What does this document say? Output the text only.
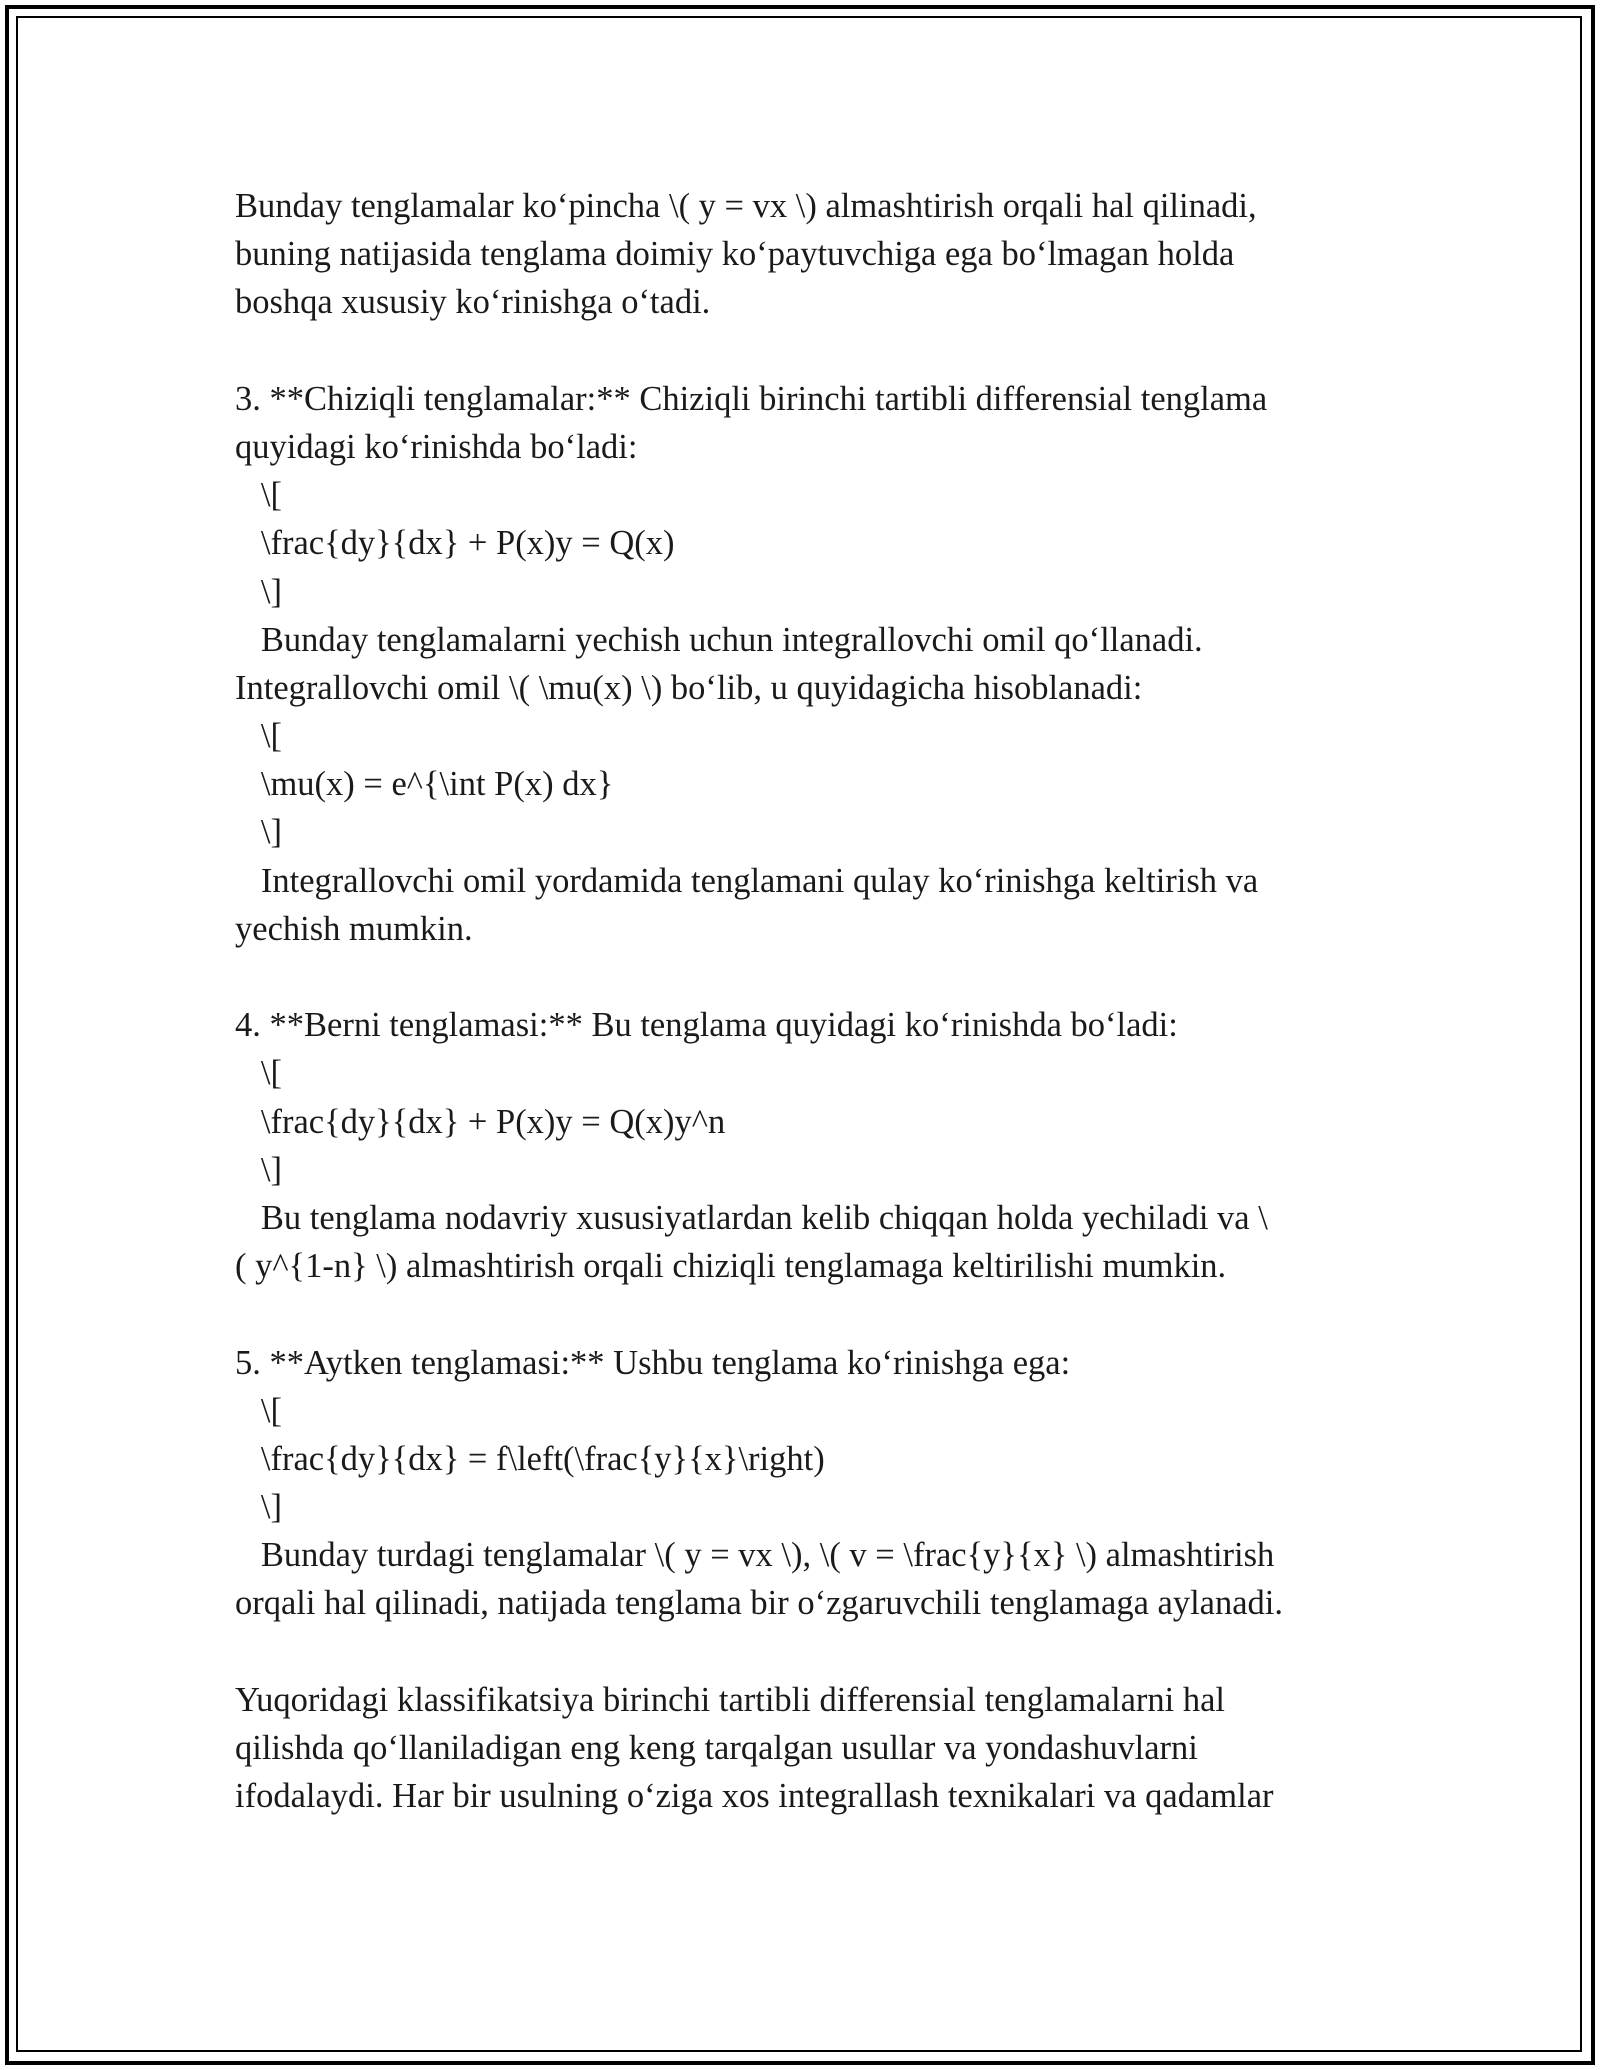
Bunday tenglamalar ko‘pincha \( y = vx \) almashtirish orqali hal qilinadi,
buning natijasida tenglama doimiy ko‘paytuvchiga ega bo‘lmagan holda
boshqa xususiy ko‘rinishga o‘tadi.
3. **Chiziqli tenglamalar:** Chiziqli birinchi tartibli differensial tenglama
quyidagi ko‘rinishda bo‘ladi:
\[
\frac{dy}{dx} + P(x)y = Q(x)
\]
Bunday tenglamalarni yechish uchun integrallovchi omil qo‘llanadi.
Integrallovchi omil \( \mu(x) \) bo‘lib, u quyidagicha hisoblanadi:
\[
\mu(x) = e^{\int P(x) dx}
\]
Integrallovchi omil yordamida tenglamani qulay ko‘rinishga keltirish va
yechish mumkin.
4. **Berni tenglamasi:** Bu tenglama quyidagi ko‘rinishda bo‘ladi:
\[
\frac{dy}{dx} + P(x)y = Q(x)y^n
\]
Bu tenglama nodavriy xususiyatlardan kelib chiqqan holda yechiladi va \
( y^{1-n} \) almashtirish orqali chiziqli tenglamaga keltirilishi mumkin.
5. **Aytken tenglamasi:** Ushbu tenglama ko‘rinishga ega:
\[
\frac{dy}{dx} = f\left(\frac{y}{x}\right)
\]
Bunday turdagi tenglamalar \( y = vx \), \( v = \frac{y}{x} \) almashtirish
orqali hal qilinadi, natijada tenglama bir o‘zgaruvchili tenglamaga aylanadi.
Yuqoridagi klassifikatsiya birinchi tartibli differensial tenglamalarni hal
qilishda qo‘llaniladigan eng keng tarqalgan usullar va yondashuvlarni
ifodalaydi. Har bir usulning o‘ziga xos integrallash texnikalari va qadamlar
